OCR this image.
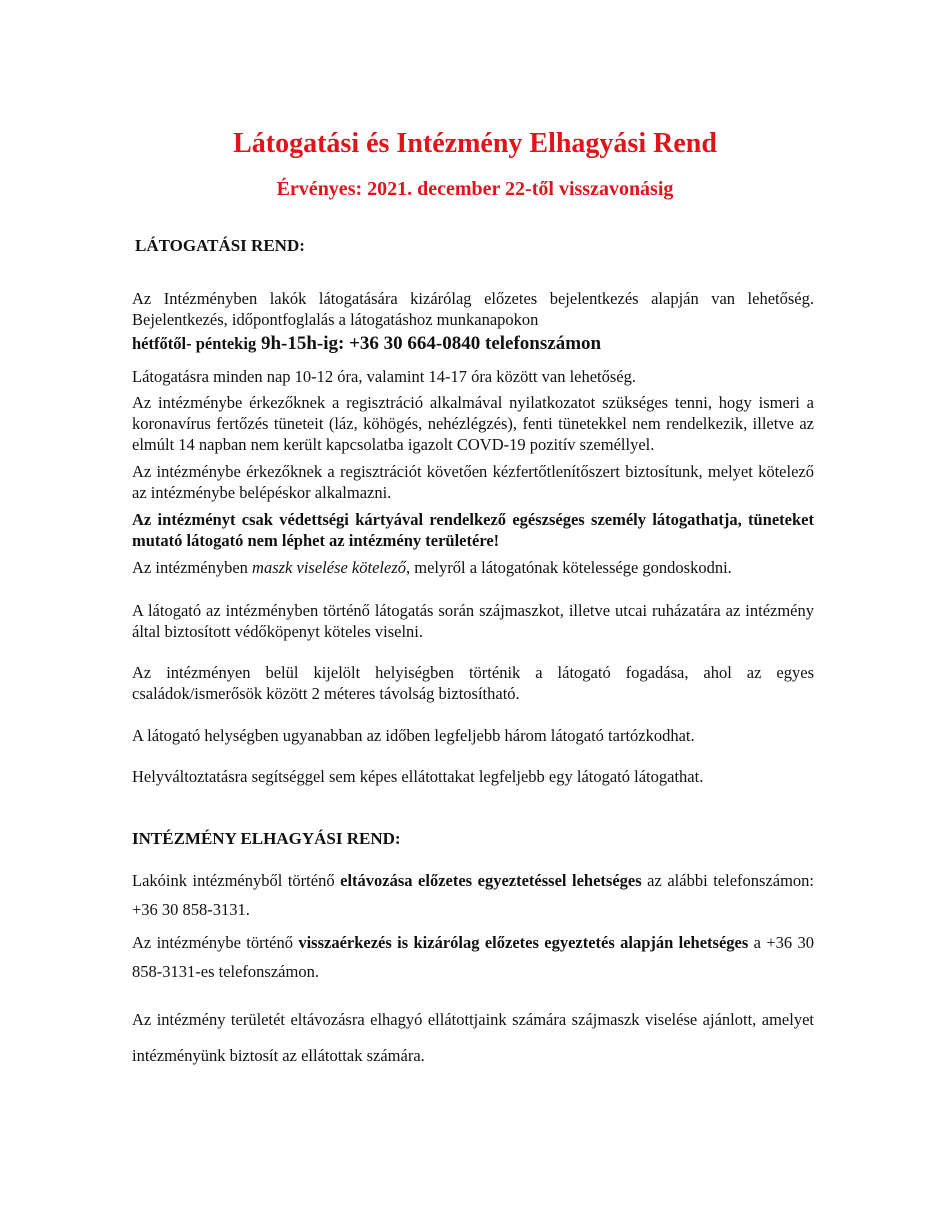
Látogatási és Intézmény Elhagyási Rend
Érvényes: 2021. december 22-től visszavonásig
LÁTOGATÁSI REND:
Az Intézményben lakók látogatására kizárólag előzetes bejelentkezés alapján van lehetőség. Bejelentkezés, időpontfoglalás a látogatáshoz munkanapokon
hétfőtől- péntekig 9h-15h-ig: +36 30 664-0840 telefonszámon
Látogatásra minden nap 10-12 óra, valamint 14-17 óra között van lehetőség.
Az intézménybe érkezőknek a regisztráció alkalmával nyilatkozatot szükséges tenni, hogy ismeri a koronavírus fertőzés tüneteit (láz, köhögés, nehézlégzés), fenti tünetekkel nem rendelkezik, illetve az elmúlt 14 napban nem került kapcsolatba igazolt COVD-19 pozitív személlyel.
Az intézménybe érkezőknek a regisztrációt követően kézfertőtlenítőszert biztosítunk, melyet kötelező az intézménybe belépéskor alkalmazni.
Az intézményt csak védettségi kártyával rendelkező egészséges személy látogathatja, tüneteket mutató látogató nem léphet az intézmény területére!
Az intézményben maszk viselése kötelező, melyről a látogatónak kötelessége gondoskodni.
A látogató az intézményben történő látogatás során szájmaszkot, illetve utcai ruházatára az intézmény által biztosított védőköpenyt köteles viselni.
Az intézményen belül kijelölt helyiségben történik a látogató fogadása, ahol az egyes családok/ismerősök között 2 méteres távolság biztosítható.
A látogató helységben ugyanabban az időben legfeljebb három látogató tartózkodhat.
Helyváltoztatásra segítséggel sem képes ellátottakat legfeljebb egy látogató látogathat.
INTÉZMÉNY ELHAGYÁSI REND:
Lakóink intézményből történő eltávozása előzetes egyeztetéssel lehetséges az alábbi telefonszámon: +36 30 858-3131.
Az intézménybe történő visszaérkezés is kizárólag előzetes egyeztetés alapján lehetséges a +36 30 858-3131-es telefonszámon.
Az intézmény területét eltávozásra elhagyó ellátottjaink számára szájmaszk viselése ajánlott, amelyet intézményünk biztosít az ellátottak számára.
